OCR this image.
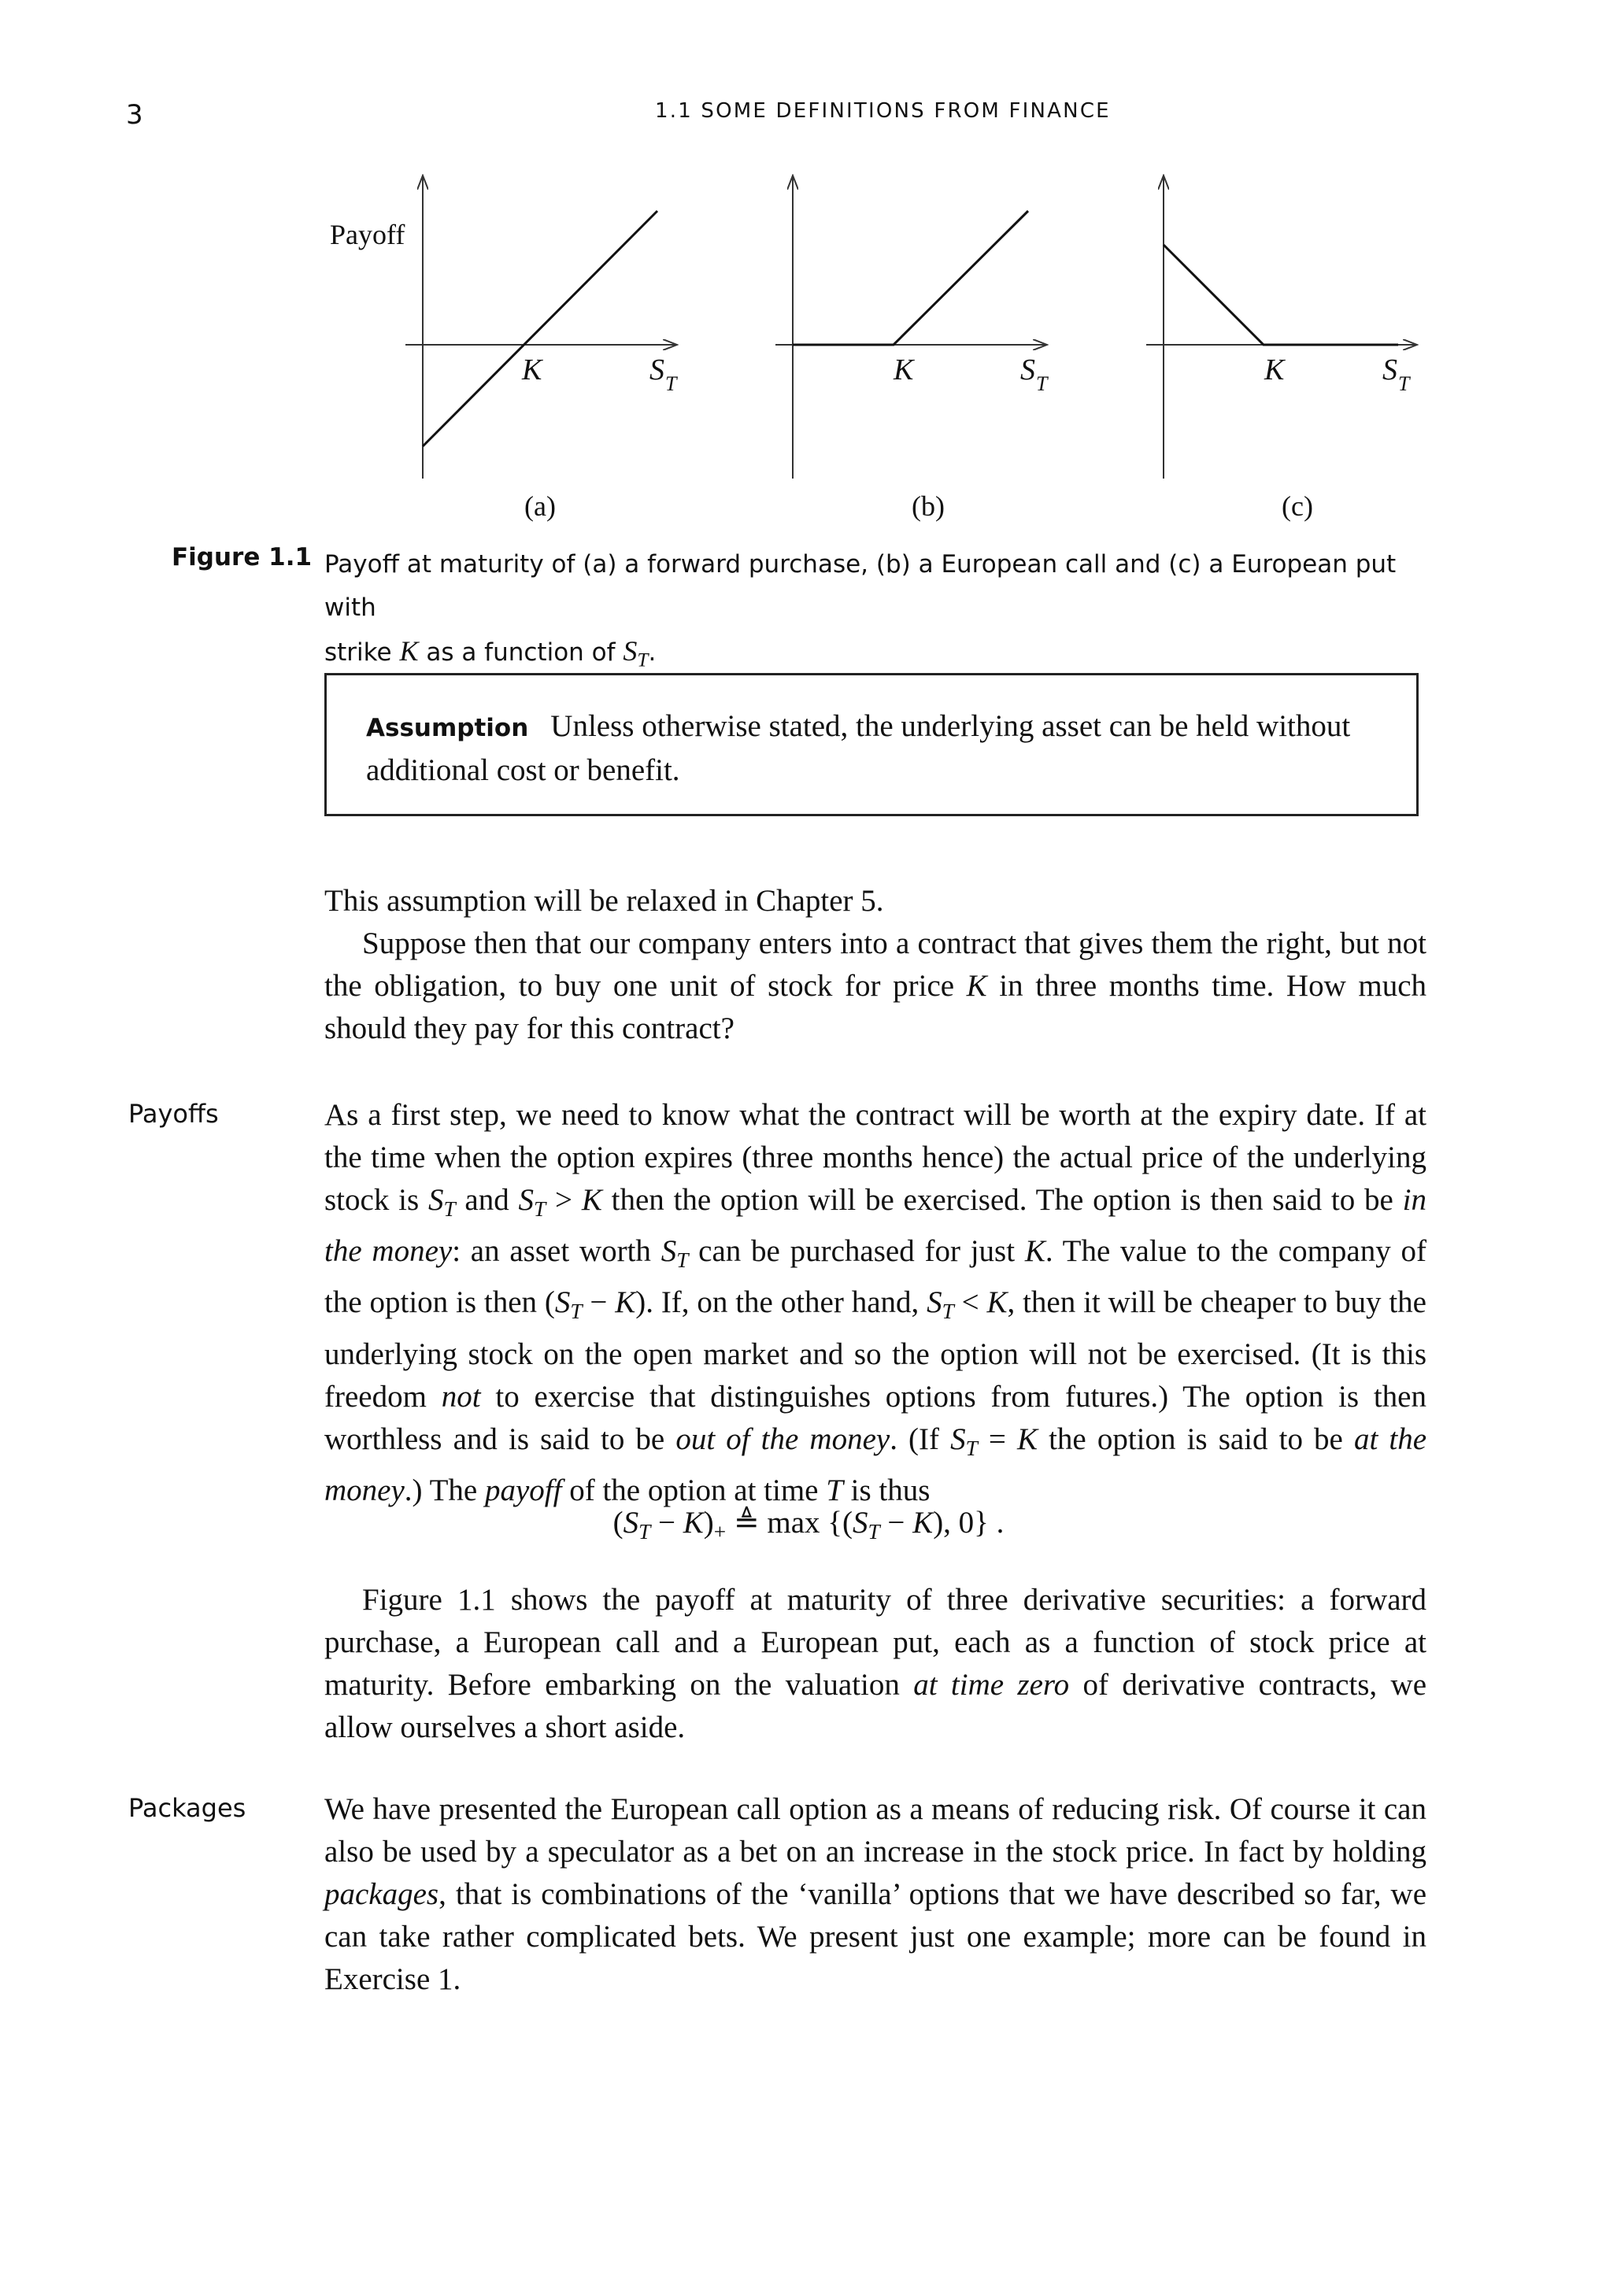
3	1.1 SOME DEFINITIONS FROM FINANCE
Payoff
K	S T
(a)
K	S T
(b)
K	S T
(c)
Figure 1.1 Payoff at maturity of (a) a forward purchase, (b) a European call and (c) a European put with
strike K as a function of $S_T$.
Assumption Unless otherwise stated, the underlying asset can be held without additional cost or benefit.

This assumption will be relaxed in Chapter 5.

Suppose then that our company enters into a contract that gives them the right, but not the obligation, to buy one unit of stock for price K in three months time. How much should they pay for this contract?

Payoffs	As a first step, we need to know what the contract will be worth at the expiry date. If at the time when the option expires (three months hence) the actual price of the underlying stock is $S_T$ and $S_T > K$ then the option will be exercised. The option is then said to be in the money: an asset worth $S_T$ can be purchased for just K. The value to the company of the option is then $(S_T - K)$. If, on the other hand, $S_T < K$, then it will be cheaper to buy the underlying stock on the open market and so the option will not be exercised. (It is this freedom not to exercise that distinguishes options from futures.) The option is then worthless and is said to be out of the money. (If $S_T = K$ the option is said to be at the money.) The payoff of the option at time T is thus

$(S_T - K)_+$ ≜ $\max \{(S_T - K)$, 0} .

Figure 1.1 shows the payoff at maturity of three derivative securities: a forward purchase, a European call and a European put, each as a function of stock price at maturity. Before embarking on the valuation at time zero of derivative contracts, we allow ourselves a short aside.

Packages	We have presented the European call option as a means of reducing risk. Of course it can also be used by a speculator as a bet on an increase in the stock price. In fact by holding packages, that is combinations of the ‘vanilla’ options that we have described so far, we can take rather complicated bets. We present just one example; more can be found in Exercise 1.
